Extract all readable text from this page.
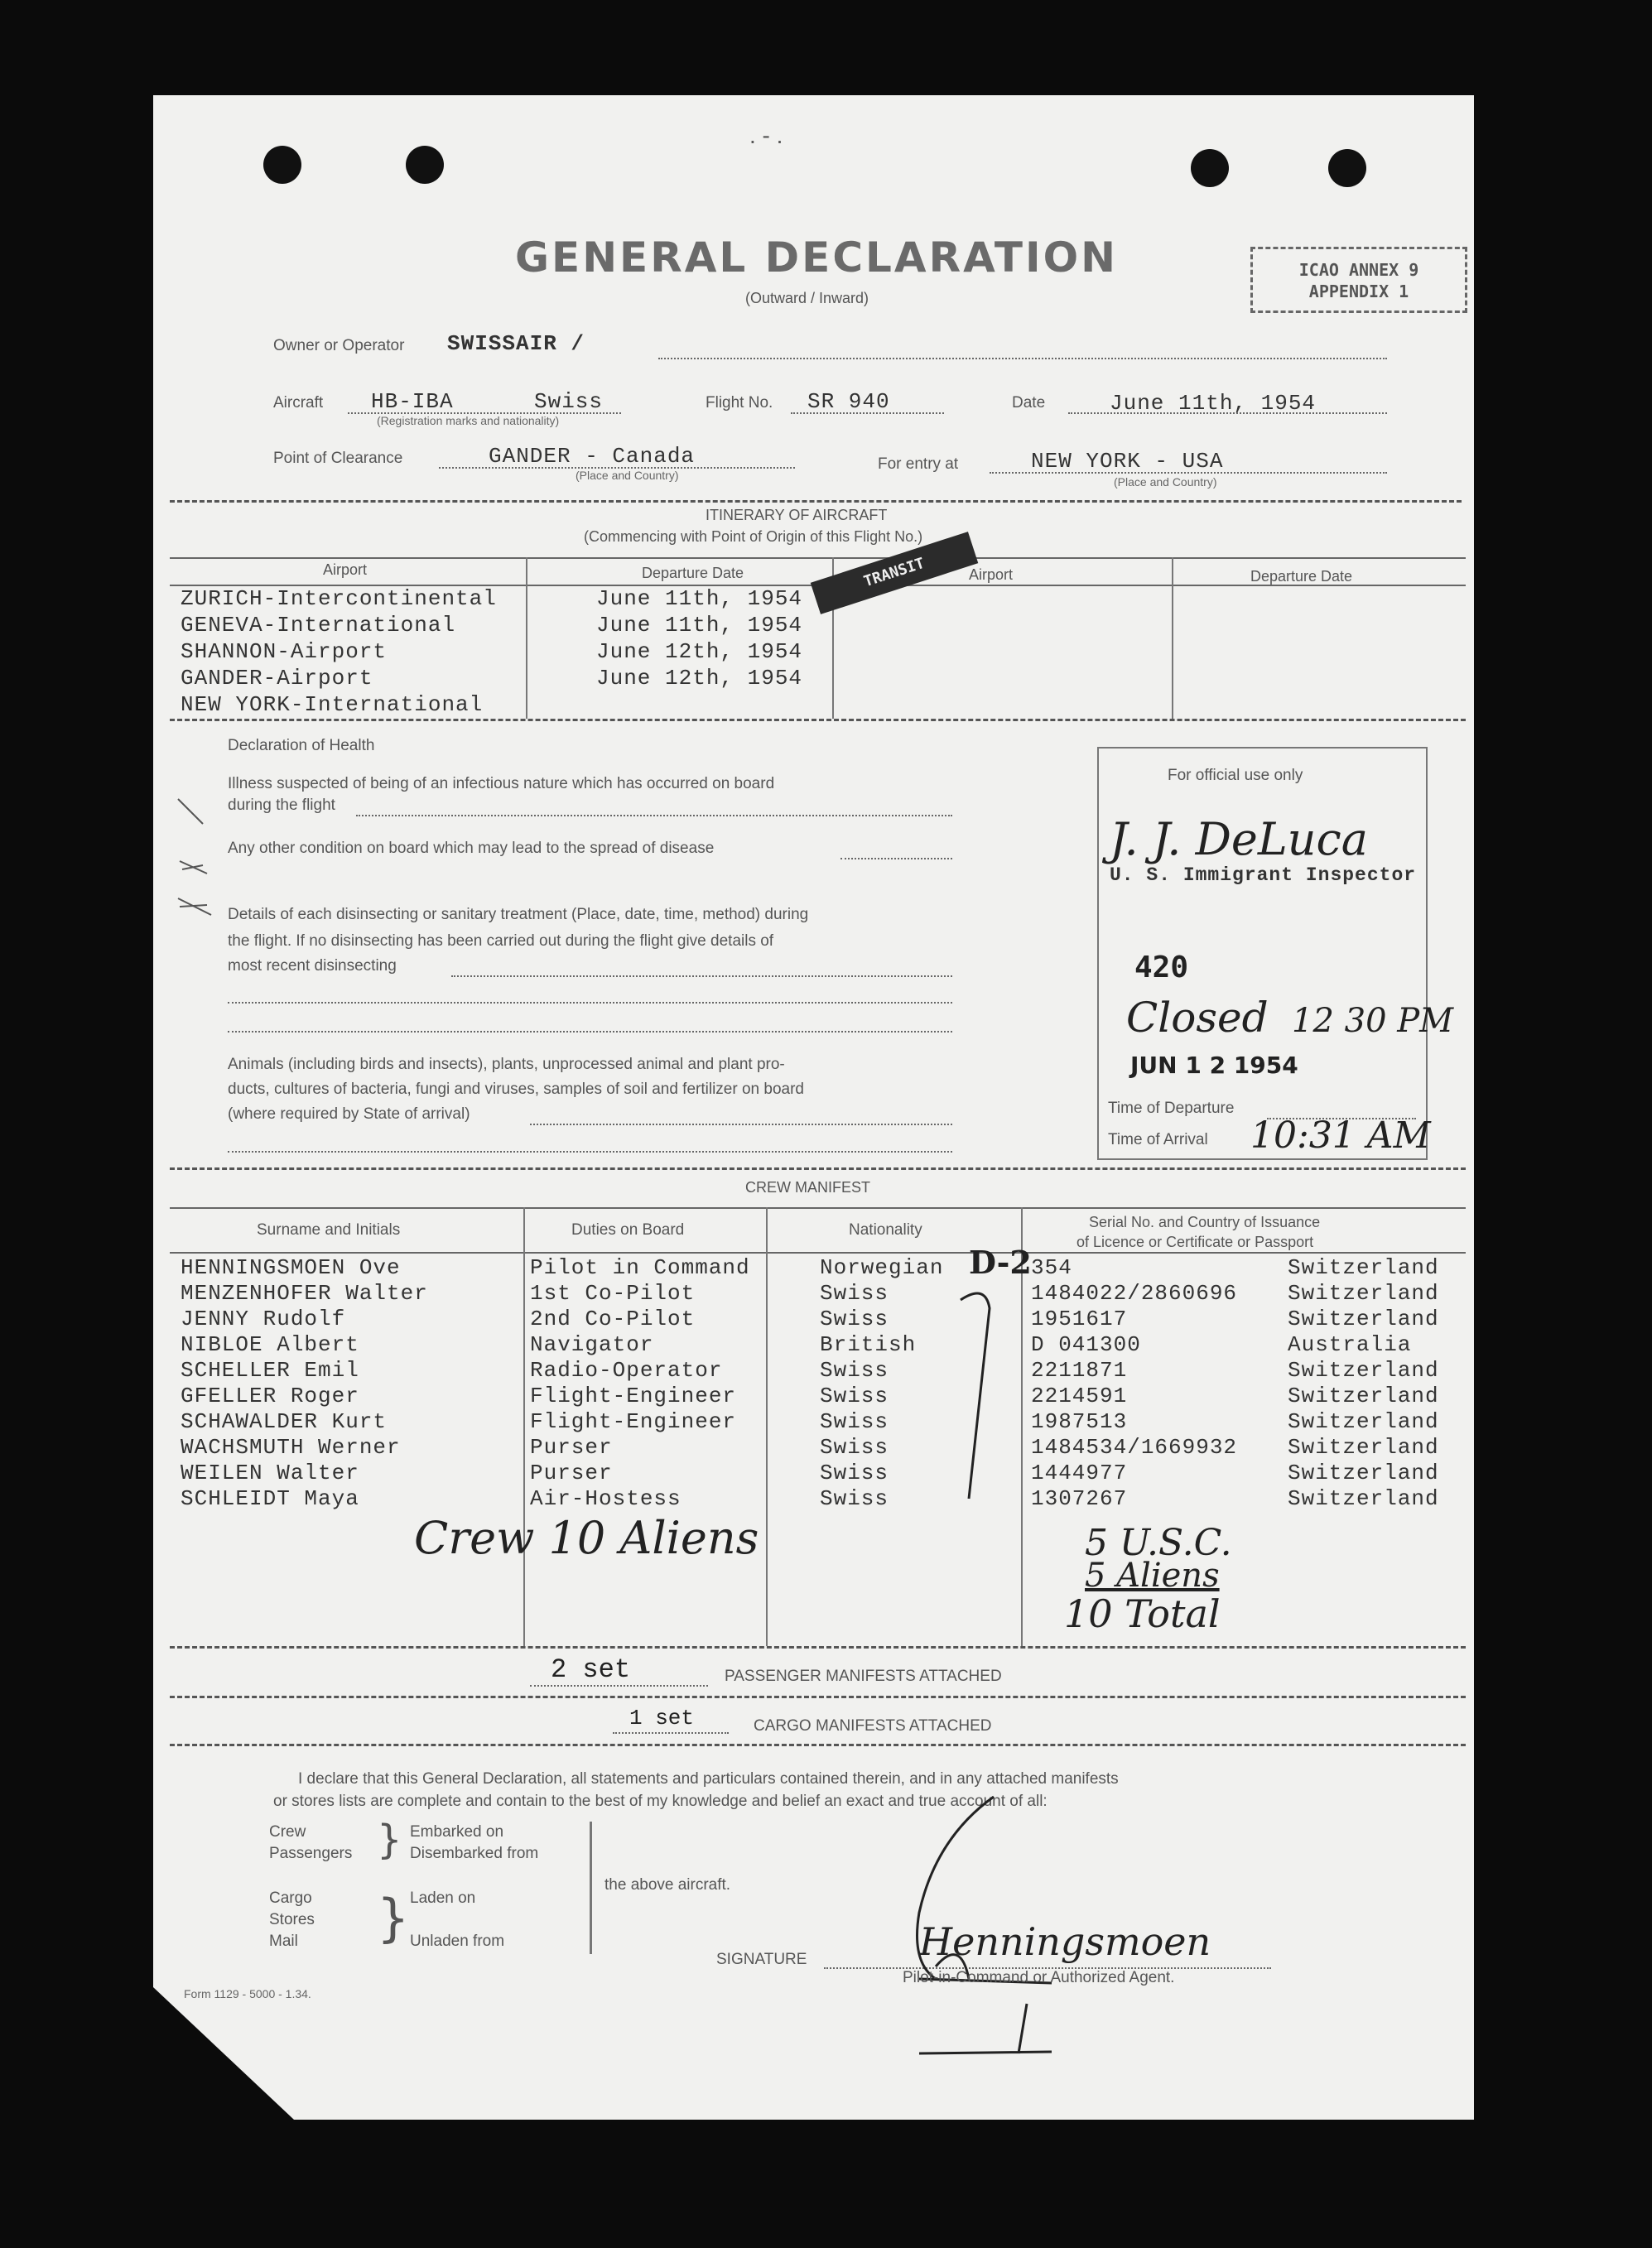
. - .
GENERAL DECLARATION
(Outward / Inward)
ICAO ANNEX 9
APPENDIX 1
Owner or Operator SWISSAIR /
Aircraft HB-IBA	Swiss
(Registration marks and nationality)
Flight No. SR 940	Date	June 11th, 1954
Point of Clearance	GANDER - Canada
(Place and Country)
For entry at	NEW YORK - USA
(Place and Country)
ITINERARY OF AIRCRAFT
(Commencing with Point of Origin of this Flight No.)
Airport	Departure Date	Airport	Departure Date
TRANSIT
ZURICH-Intercontinental	June 11th, 1954
GENEVA-International	June 11th, 1954
SHANNON-Airport	June 12th, 1954
GANDER-Airport	June 12th, 1954
NEW YORK-International
Declaration of Health
Illness suspected of being of an infectious nature which has occurred on board
during the flight
Any other condition on board which may lead to the spread of disease
Details of each disinsecting or sanitary treatment (Place, date, time, method) during
the flight. If no disinsecting has been carried out during the flight give details of
most recent disinsecting
Animals (including birds and insects), plants, unprocessed animal and plant pro-
ducts, cultures of bacteria, fungi and viruses, samples of soil and fertilizer on board
(where required by State of arrival)
For official use only
J. J. DeLuca
U. S. Immigrant Inspector
420
Closed 12 30 PM
JUN 1 2 1954
Time of Departure
Time of Arrival 10:31 AM
CREW MANIFEST
Surname and Initials	Duties on Board	Nationality	Serial No. and Country of Issuance
of Licence or Certificate or Passport
D-2
HENNINGSMOEN Ove	Pilot in Command	Norwegian	354	Switzerland
MENZENHOFER Walter	1st Co-Pilot	Swiss	1484022/2860696 Switzerland
JENNY Rudolf	2nd Co-Pilot	Swiss	1951617	Switzerland
NIBLOE Albert	Navigator	British	D 041300	Australia
SCHELLER Emil	Radio-Operator	Swiss	2211871	Switzerland
GFELLER Roger	Flight-Engineer	Swiss	2214591	Switzerland
SCHAWALDER Kurt	Flight-Engineer	Swiss	1987513	Switzerland
WACHSMUTH Werner	Purser	Swiss	1484534/1669932 Switzerland
WEILEN Walter	Purser	Swiss	1444977	Switzerland
SCHLEIDT Maya	Air-Hostess	Swiss	1307267	Switzerland
Crew 10 Aliens	5 U.S.C.
5 Aliens
10 Total
2 set	PASSENGER MANIFESTS ATTACHED
1 set	CARGO MANIFESTS ATTACHED
I declare that this General Declaration, all statements and particulars contained therein, and in any attached manifests
or stores lists are complete and contain to the best of my knowledge and belief an exact and true account of all:
Crew
Passengers } Embarked on
Disembarked from
Cargo
Stores
Mail } Laden on
Unladen from
the above aircraft.
SIGNATURE	Henningsmoen
Pilot-in-Command or Authorized Agent.
Form 1129 - 5000 - 1.34.
